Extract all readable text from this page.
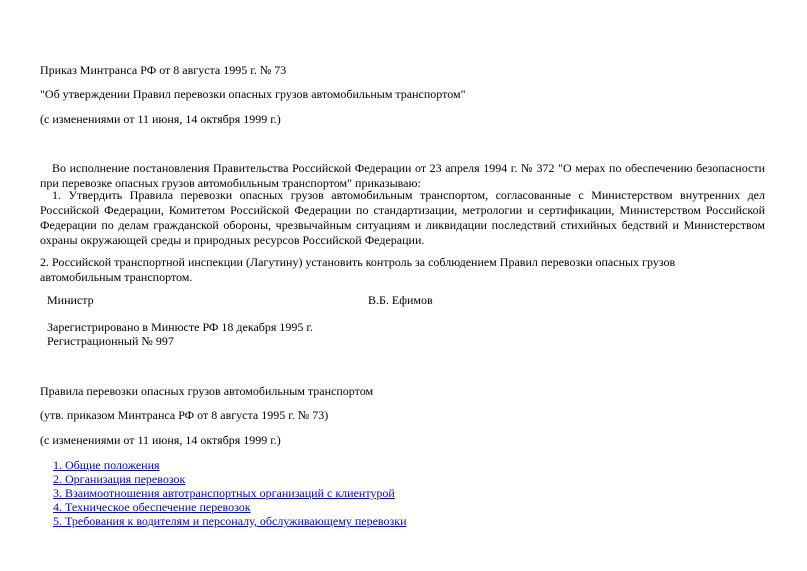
Приказ Минтранса РФ от 8 августа 1995 г. № 73
"Об утверждении Правил перевозки опасных грузов автомобильным транспортом"
(с изменениями от 11 июня, 14 октября 1999 г.)
Во исполнение постановления Правительства Российской Федерации от 23 апреля 1994 г. № 372 "О мерах по обеспечению безопасности при перевозке опасных грузов автомобильным транспортом" приказываю:
1. Утвердить Правила перевозки опасных грузов автомобильным транспортом, согласованные с Министерством внутренних дел Российской Федерации, Комитетом Российской Федерации по стандартизации, метрологии и сертификации, Министерством Российской Федерации по делам гражданской обороны, чрезвычайным ситуациям и ликвидации последствий стихийных бедствий и Министерством охраны окружающей среды и природных ресурсов Российской Федерации.
2. Российской транспортной инспекции (Лагутину) установить контроль за соблюдением Правил перевозки опасных грузов автомобильным транспортом.
Министр	В.Б. Ефимов
Зарегистрировано в Минюсте РФ 18 декабря 1995 г.
Регистрационный № 997
Правила перевозки опасных грузов автомобильным транспортом
(утв. приказом Минтранса РФ от 8 августа 1995 г. № 73)
(с изменениями от 11 июня, 14 октября 1999 г.)
1. Общие положения
2. Организация перевозок
3. Взаимоотношения автотранспортных организаций с клиентурой
4. Техническое обеспечение перевозок
5. Требования к водителям и персоналу, обслуживающему перевозки
